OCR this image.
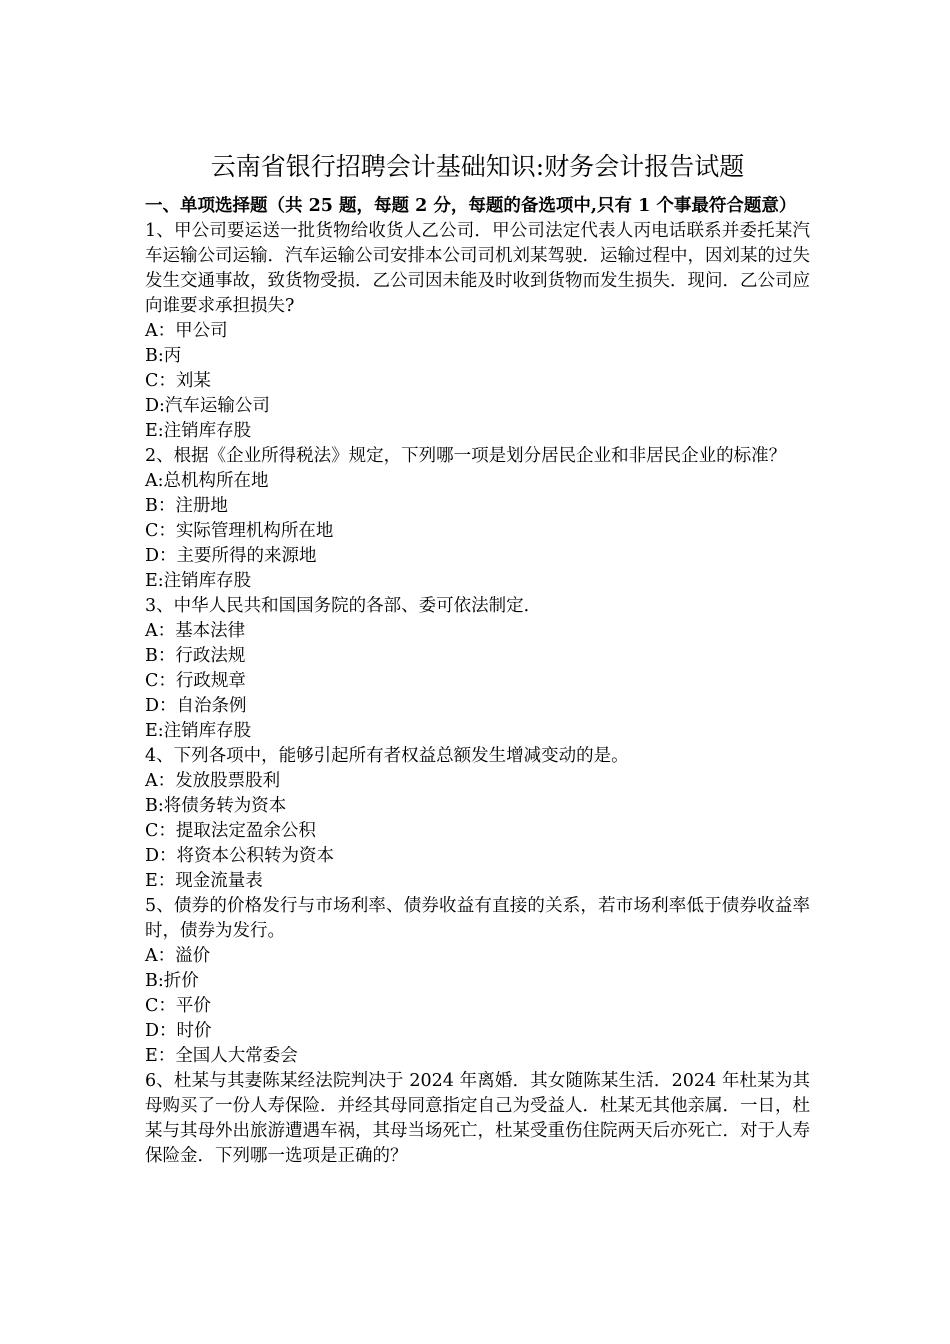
云南省银行招聘会计基础知识:财务会计报告试题

一、单项选择题（共 25 题，每题 2 分，每题的备选项中,只有 1 个事最符合题意）

1、甲公司要运送一批货物给收货人乙公司．甲公司法定代表人丙电话联系并委托某汽车运输公司运输．汽车运输公司安排本公司司机刘某驾驶．运输过程中，因刘某的过失发生交通事故，致货物受损．乙公司因未能及时收到货物而发生损失．现问．乙公司应向谁要求承担损失?

A：甲公司

B:丙

C：刘某

D:汽车运输公司

E:注销库存股

2、根据《企业所得税法》规定，下列哪一项是划分居民企业和非居民企业的标准？

A:总机构所在地

B：注册地

C：实际管理机构所在地

D：主要所得的来源地

E:注销库存股

3、中华人民共和国国务院的各部、委可依法制定．

A：基本法律

B：行政法规

C：行政规章

D：自治条例

E:注销库存股

4、下列各项中，能够引起所有者权益总额发生增减变动的是。

A：发放股票股利

B:将债务转为资本

C：提取法定盈余公积

D：将资本公积转为资本

E：现金流量表

5、债券的价格发行与市场利率、债券收益有直接的关系，若市场利率低于债券收益率时，债券为发行。

A：溢价

B:折价

C：平价

D：时价

E：全国人大常委会

6、杜某与其妻陈某经法院判决于 2024 年离婚．其女随陈某生活．2024 年杜某为其母购买了一份人寿保险．并经其母同意指定自己为受益人．杜某无其他亲属．一日，杜某与其母外出旅游遭遇车祸，其母当场死亡，杜某受重伤住院两天后亦死亡．对于人寿保险金．下列哪一选项是正确的？
